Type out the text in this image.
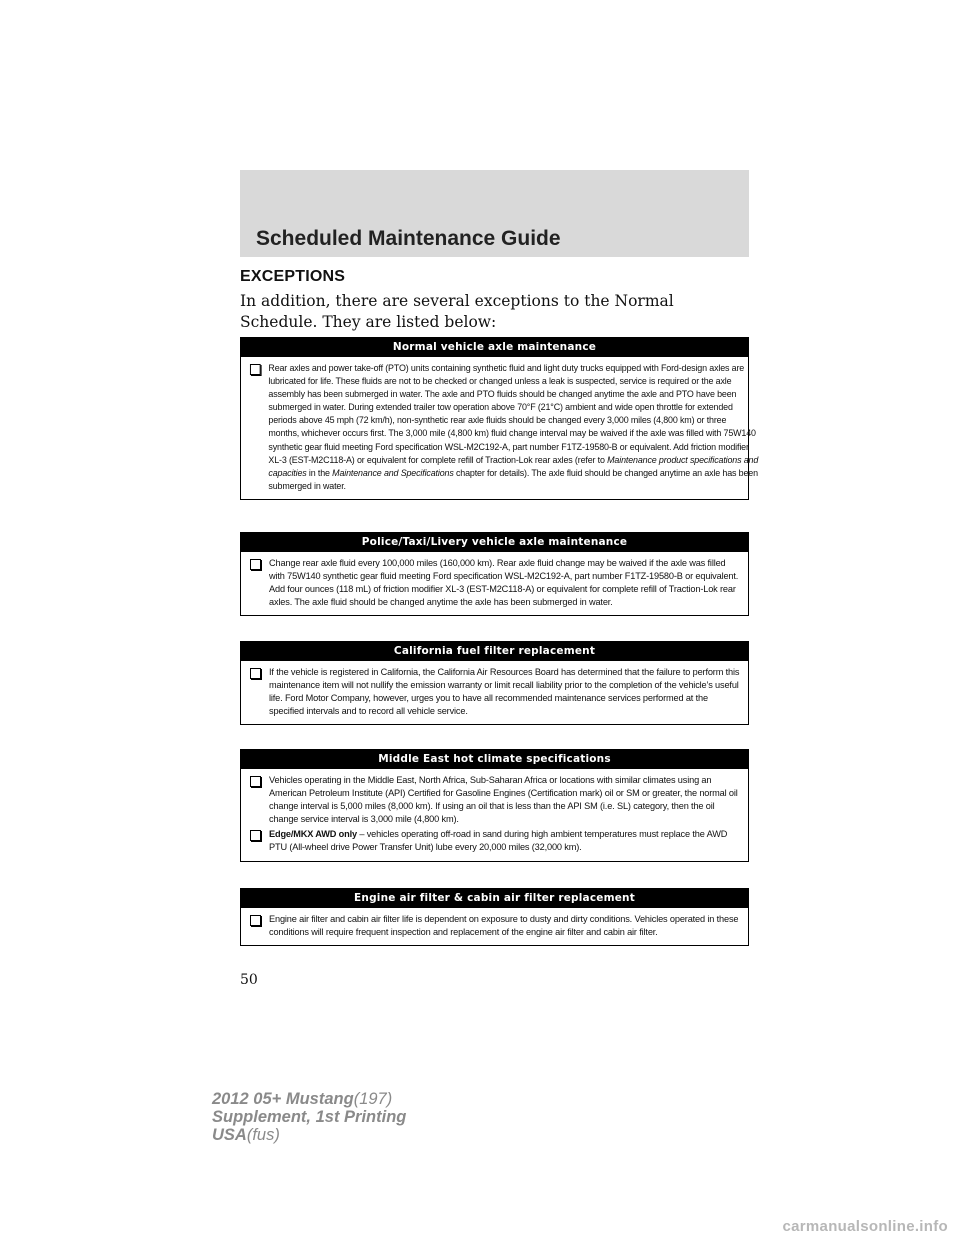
Scheduled Maintenance Guide
EXCEPTIONS
In addition, there are several exceptions to the Normal Schedule. They are listed below:
Normal vehicle axle maintenance
Rear axles and power take-off (PTO) units containing synthetic fluid and light duty trucks equipped with Ford-design axles are lubricated for life. These fluids are not to be checked or changed unless a leak is suspected, service is required or the axle assembly has been submerged in water. The axle and PTO fluids should be changed anytime the axle and PTO have been submerged in water. During extended trailer tow operation above 70°F (21°C) ambient and wide open throttle for extended periods above 45 mph (72 km/h), non-synthetic rear axle fluids should be changed every 3,000 miles (4,800 km) or three months, whichever occurs first. The 3,000 mile (4,800 km) fluid change interval may be waived if the axle was filled with 75W140 synthetic gear fluid meeting Ford specification WSL-M2C192-A, part number F1TZ-19580-B or equivalent. Add friction modifier XL-3 (EST-M2C118-A) or equivalent for complete refill of Traction-Lok rear axles (refer to Maintenance product specifications and capacities in the Maintenance and Specifications chapter for details). The axle fluid should be changed anytime an axle has been submerged in water.
Police/Taxi/Livery vehicle axle maintenance
Change rear axle fluid every 100,000 miles (160,000 km). Rear axle fluid change may be waived if the axle was filled with 75W140 synthetic gear fluid meeting Ford specification WSL-M2C192-A, part number F1TZ-19580-B or equivalent. Add four ounces (118 mL) of friction modifier XL-3 (EST-M2C118-A) or equivalent for complete refill of Traction-Lok rear axles. The axle fluid should be changed anytime the axle has been submerged in water.
California fuel filter replacement
If the vehicle is registered in California, the California Air Resources Board has determined that the failure to perform this maintenance item will not nullify the emission warranty or limit recall liability prior to the completion of the vehicle’s useful life. Ford Motor Company, however, urges you to have all recommended maintenance services performed at the specified intervals and to record all vehicle service.
Middle East hot climate specifications
Vehicles operating in the Middle East, North Africa, Sub-Saharan Africa or locations with similar climates using an American Petroleum Institute (API) Certified for Gasoline Engines (Certification mark) oil or SM or greater, the normal oil change interval is 5,000 miles (8,000 km). If using an oil that is less than the API SM (i.e. SL) category, then the oil change service interval is 3,000 mile (4,800 km).
Edge/MKX AWD only – vehicles operating off-road in sand during high ambient temperatures must replace the AWD PTU (All-wheel drive Power Transfer Unit) lube every 20,000 miles (32,000 km).
Engine air filter & cabin air filter replacement
Engine air filter and cabin air filter life is dependent on exposure to dusty and dirty conditions. Vehicles operated in these conditions will require frequent inspection and replacement of the engine air filter and cabin air filter.
50
2012 05+ Mustang(197)
Supplement, 1st Printing
USA(fus)
carmanualsonline.info
